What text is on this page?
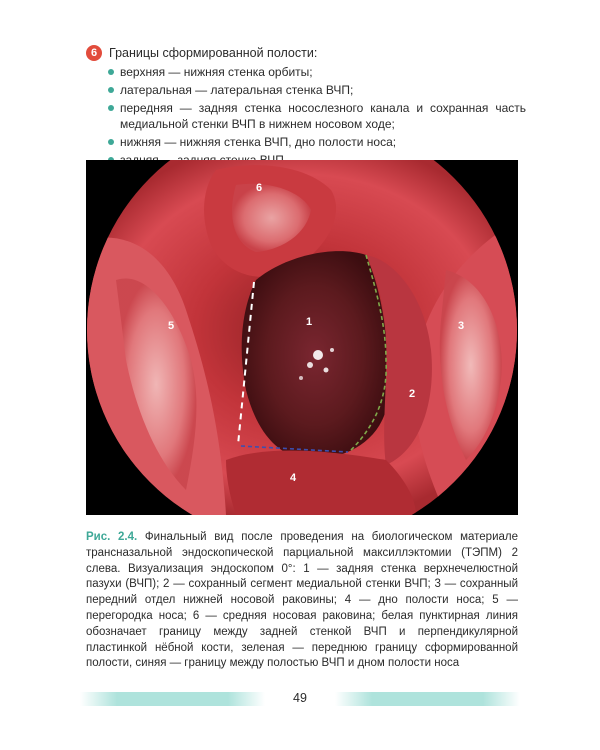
6 Границы сформированной полости:
верхняя — нижняя стенка орбиты;
латеральная — латеральная стенка ВЧП;
передняя — задняя стенка носослезного канала и сохранная часть медиальной стенки ВЧП в нижнем носовом ходе;
нижняя — нижняя стенка ВЧП, дно полости носа;
1
2
3
4
5
6
Рис. 2.4. Финальный вид после проведения на биологическом материале трансназальной эндоскопической парциальной максиллэктомии (ТЭПМ) 2 слева. Визуализация эндоскопом 0°: 1 — задняя стенка верхнечелюстной пазухи (ВЧП); 2 — сохранный сегмент медиальной стенки ВЧП; 3 — сохранный передний отдел нижней носовой раковины; 4 — дно полости носа; 5 — перегородка носа; 6 — средняя носовая раковина; белая пунктирная линия обозначает границу между задней стенкой ВЧП и перпендикулярной пластинкой нёбной кости, зеленая — переднюю границу сформированной полости, синяя — границу между полостью ВЧП и дном полости носа
49
